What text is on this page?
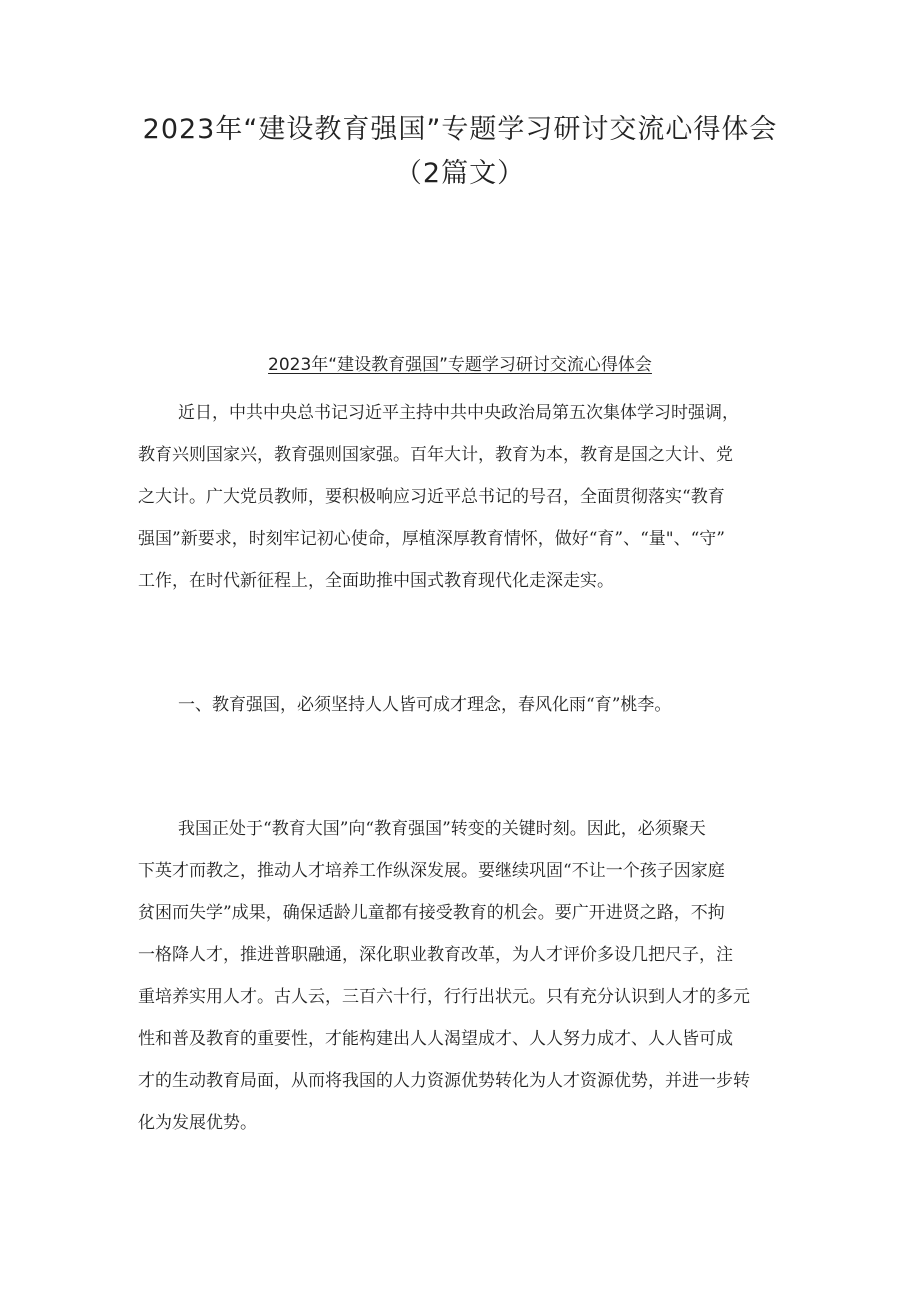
2023年“建设教育强国”专题学习研讨交流心得体会
（2篇文）
2023年“建设教育强国”专题学习研讨交流心得体会
近日，中共中央总书记习近平主持中共中央政治局第五次集体学习时强调，
教育兴则国家兴，教育强则国家强。百年大计，教育为本，教育是国之大计、党
之大计。广大党员教师，要积极响应习近平总书记的号召，全面贯彻落实“教育
强国”新要求，时刻牢记初心使命，厚植深厚教育情怀，做好“育”、“量"、“守”
工作，在时代新征程上，全面助推中国式教育现代化走深走实。
一、教育强国，必须坚持人人皆可成才理念，春风化雨“育”桃李。
我国正处于“教育大国”向“教育强国”转变的关键时刻。因此，必须聚天
下英才而教之，推动人才培养工作纵深发展。要继续巩固“不让一个孩子因家庭
贫困而失学”成果，确保适龄儿童都有接受教育的机会。要广开进贤之路，不拘
一格降人才，推进普职融通，深化职业教育改革，为人才评价多设几把尺子，注
重培养实用人才。古人云，三百六十行，行行出状元。只有充分认识到人才的多元
性和普及教育的重要性，才能构建出人人渴望成才、人人努力成才、人人皆可成
才的生动教育局面，从而将我国的人力资源优势转化为人才资源优势，并进一步转
化为发展优势。
